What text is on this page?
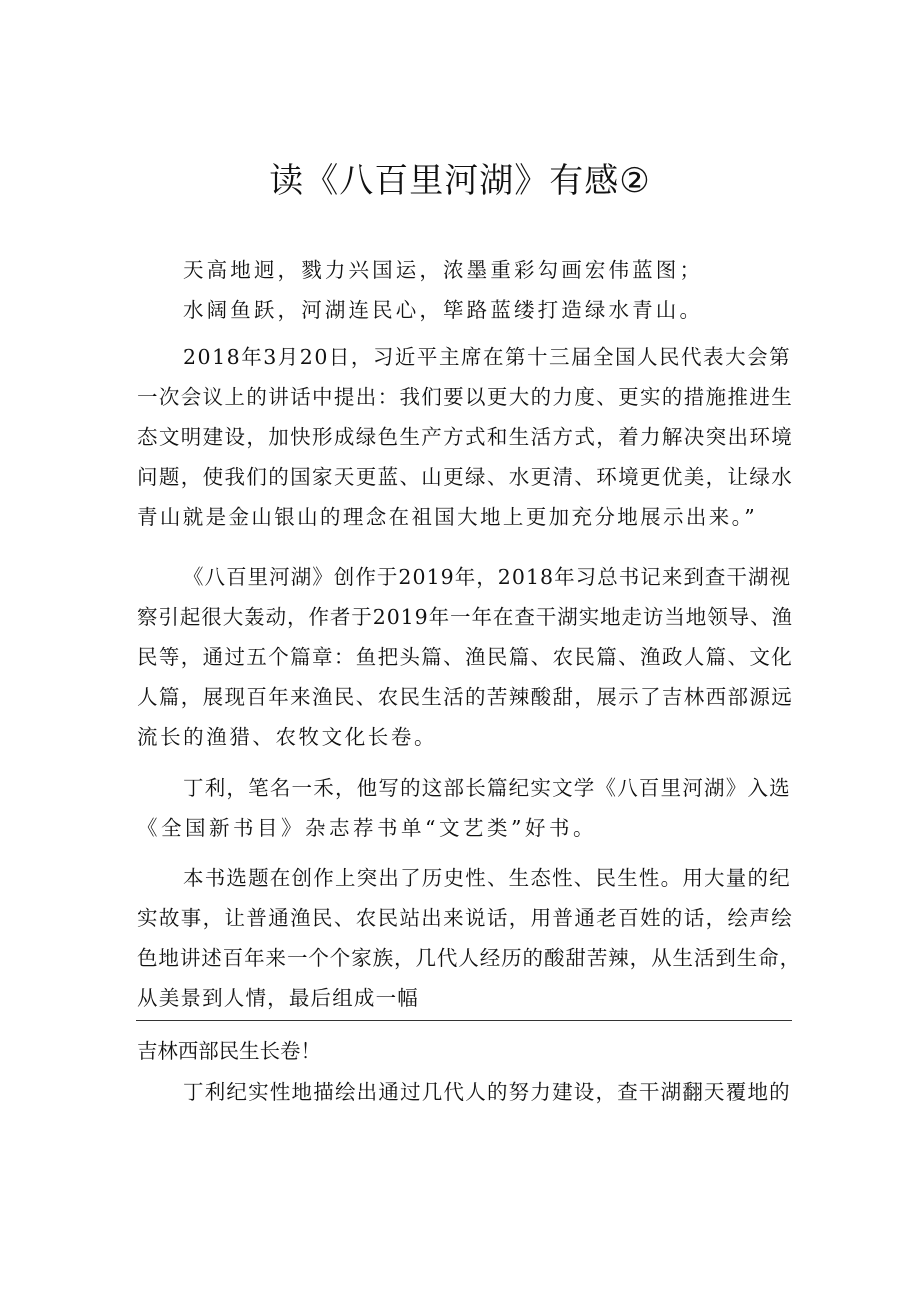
读《八百里河湖》有感②

天高地迥，戮力兴国运，浓墨重彩勾画宏伟蓝图；

水阔鱼跃，河湖连民心，筚路蓝缕打造绿水青山。

2018年3月20日，习近平主席在第十三届全国人民代表大会第

一次会议上的讲话中提出：我们要以更大的力度、更实的措施推进生

态文明建设，加快形成绿色生产方式和生活方式，着力解决突出环境

问题，使我们的国家天更蓝、山更绿、水更清、环境更优美，让绿水

青山就是金山银山的理念在祖国大地上更加充分地展示出来。”

《八百里河湖》创作于2019年，2018年习总书记来到查干湖视

察引起很大轰动，作者于2019年一年在查干湖实地走访当地领导、渔

民等，通过五个篇章：鱼把头篇、渔民篇、农民篇、渔政人篇、文化

人篇，展现百年来渔民、农民生活的苦辣酸甜，展示了吉林西部源远

流长的渔猎、农牧文化长卷。

丁利，笔名一禾，他写的这部长篇纪实文学《八百里河湖》入选

《全国新书目》杂志荐书单“文艺类”好书。

本书选题在创作上突出了历史性、生态性、民生性。用大量的纪

实故事，让普通渔民、农民站出来说话，用普通老百姓的话，绘声绘

色地讲述百年来一个个家族，几代人经历的酸甜苦辣，从生活到生命，

从美景到人情，最后组成一幅

吉林西部民生长卷！

丁利纪实性地描绘出通过几代人的努力建设，查干湖翻天覆地的
